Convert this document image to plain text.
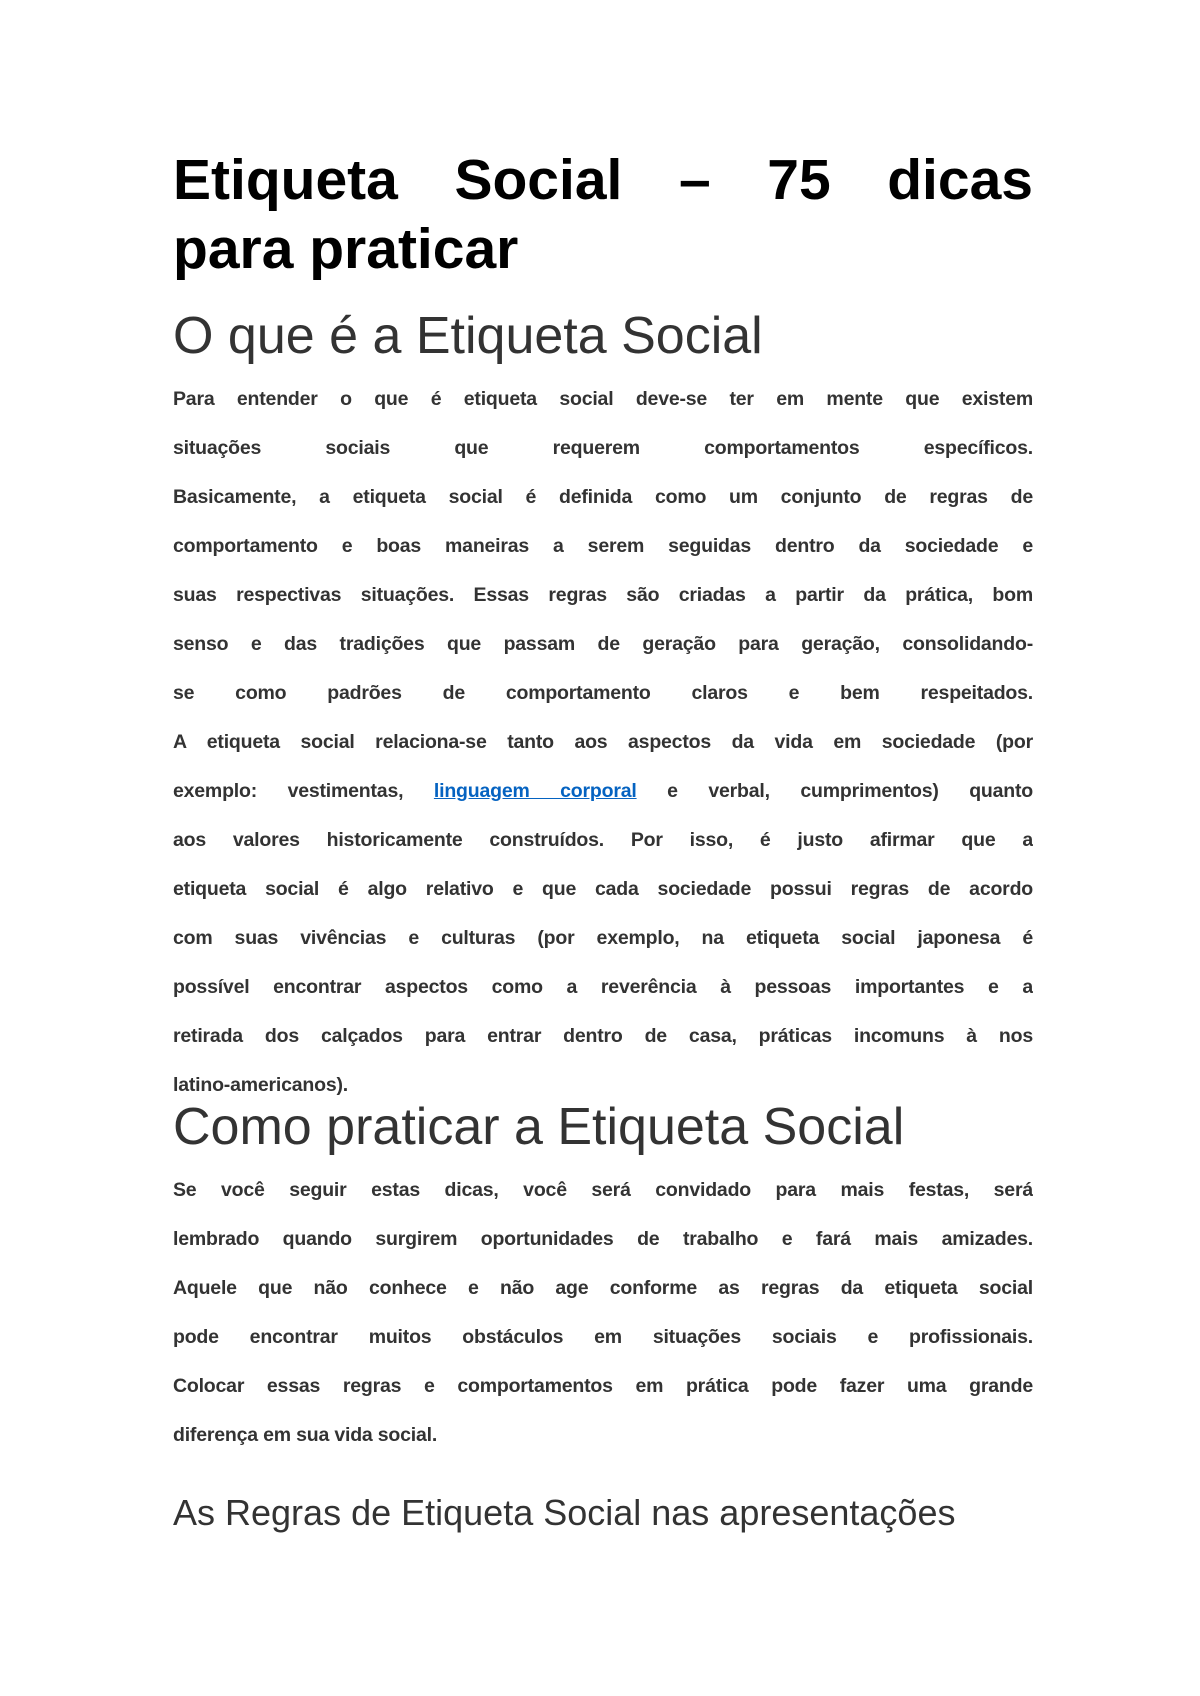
Etiqueta Social – 75 dicas
para praticar
O que é a Etiqueta Social
Para entender o que é etiqueta social deve-se ter em mente que existem
situações sociais que requerem comportamentos específicos.
Basicamente, a etiqueta social é definida como um conjunto de regras de
comportamento e boas maneiras a serem seguidas dentro da sociedade e
suas respectivas situações. Essas regras são criadas a partir da prática, bom
senso e das tradições que passam de geração para geração, consolidando-
se como padrões de comportamento claros e bem respeitados.
A etiqueta social relaciona-se tanto aos aspectos da vida em sociedade (por
exemplo: vestimentas, linguagem corporal e verbal, cumprimentos) quanto
aos valores historicamente construídos. Por isso, é justo afirmar que a
etiqueta social é algo relativo e que cada sociedade possui regras de acordo
com suas vivências e culturas (por exemplo, na etiqueta social japonesa é
possível encontrar aspectos como a reverência à pessoas importantes e a
retirada dos calçados para entrar dentro de casa, práticas incomuns à nos
latino-americanos).
Como praticar a Etiqueta Social
Se você seguir estas dicas, você será convidado para mais festas, será
lembrado quando surgirem oportunidades de trabalho e fará mais amizades.
Aquele que não conhece e não age conforme as regras da etiqueta social
pode encontrar muitos obstáculos em situações sociais e profissionais.
Colocar essas regras e comportamentos em prática pode fazer uma grande
diferença em sua vida social.
As Regras de Etiqueta Social nas apresentações
